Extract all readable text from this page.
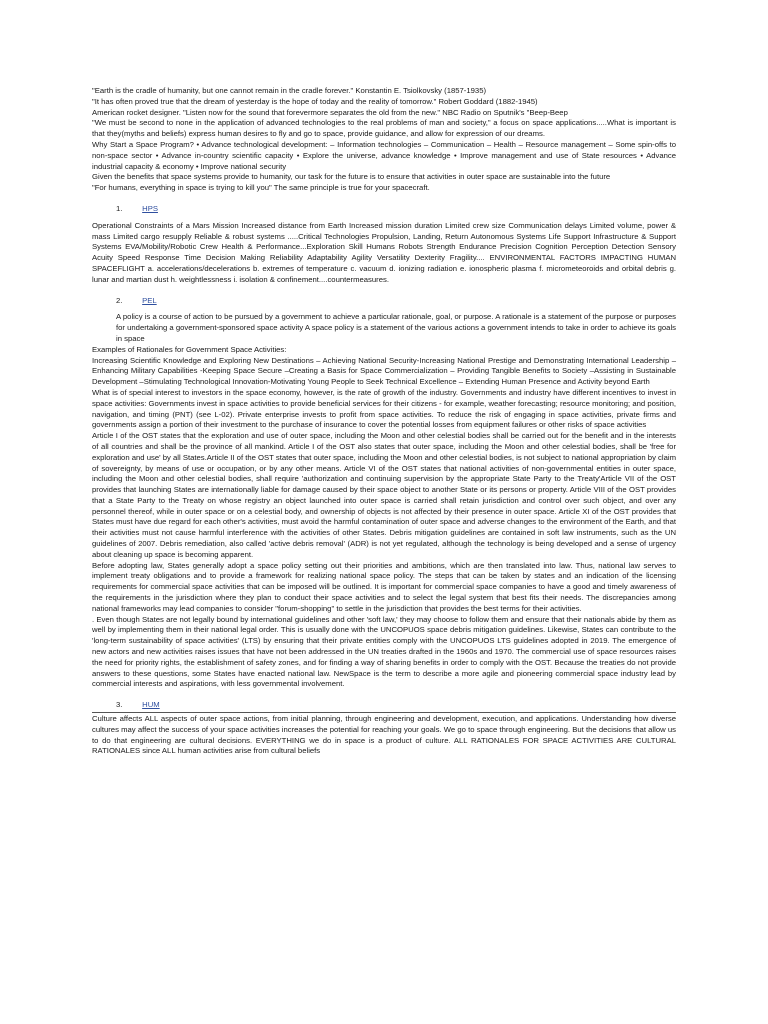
"Earth is the cradle of humanity, but one cannot remain in the cradle forever." Konstantin E. Tsiolkovsky (1857-1935)

"It has often proved true that the dream of yesterday is the hope of today and the reality of tomorrow." Robert Goddard (1882-1945)

American rocket designer. "Listen now for the sound that forevermore separates the old from the new." NBC Radio on Sputnik's "Beep-Beep

"We must be second to none in the application of advanced technologies to the real problems of man and society," a focus on space applications.....What is important is that they(myths and beliefs) express human desires to fly and go to space, provide guidance, and allow for expression of our dreams.

Why Start a Space Program? • Advance technological development: – Information technologies – Communication – Health – Resource management – Some spin-offs to non-space sector • Advance in-country scientific capacity • Explore the universe, advance knowledge • Improve management and use of State resources • Advance industrial capacity & economy • Improve national security

Given the benefits that space systems provide to humanity, our task for the future is to ensure that activities in outer space are sustainable into the future

"For humans, everything in space is trying to kill you" The same principle is true for your spacecraft.

1.	HPS

Operational Constraints of a Mars Mission Increased distance from Earth Increased mission duration Limited crew size Communication delays Limited volume, power & mass Limited cargo resupply Reliable & robust systems .....Critical Technologies Propulsion, Landing, Return Autonomous Systems Life Support Infrastructure & Support Systems EVA/Mobility/Robotic Crew Health & Performance...Exploration Skill Humans Robots Strength Endurance Precision Cognition Perception Detection Sensory Acuity Speed Response Time Decision Making Reliability Adaptability Agility Versatility Dexterity Fragility.... ENVIRONMENTAL FACTORS IMPACTING HUMAN SPACEFLIGHT a. accelerations/decelerations b. extremes of temperature c. vacuum d. ionizing radiation e. ionospheric plasma f. micrometeoroids and orbital debris g. lunar and martian dust h. weightlessness i. isolation & confinement....countermeasures.

2.	PEL

A policy is a course of action to be pursued by a government to achieve a particular rationale, goal, or purpose. A rationale is a statement of the purpose or purposes for undertaking a government-sponsored space activity A space policy is a statement of the various actions a government intends to take in order to achieve its goals in space

Examples of Rationales for Government Space Activities:

Increasing Scientific Knowledge and Exploring New Destinations – Achieving National Security-Increasing National Prestige and Demonstrating International Leadership –Enhancing Military Capabilities -Keeping Space Secure –Creating a Basis for Space Commercialization – Providing Tangible Benefits to Society –Assisting in Sustainable Development –Stimulating Technological Innovation-Motivating Young People to Seek Technical Excellence – Extending Human Presence and Activity beyond Earth

What is of special interest to investors in the space economy, however, is the rate of growth of the industry. Governments and industry have different incentives to invest in space activities: Governments invest in space activities to provide beneficial services for their citizens - for example, weather forecasting; resource monitoring; and position, navigation, and timing (PNT) (see L-02). Private enterprise invests to profit from space activities. To reduce the risk of engaging in space activities, private firms and governments assign a portion of their investment to the purchase of insurance to cover the potential losses from equipment failures or other risks of space activities

Article I of the OST states that the exploration and use of outer space, including the Moon and other celestial bodies shall be carried out for the benefit and in the interests of all countries and shall be the province of all mankind. Article I of the OST also states that outer space, including the Moon and other celestial bodies, shall be 'free for exploration and use' by all States.Article II of the OST states that outer space, including the Moon and other celestial bodies, is not subject to national appropriation by claim of sovereignty, by means of use or occupation, or by any other means. Article VI of the OST states that national activities of non-governmental entities in outer space, including the Moon and other celestial bodies, shall require 'authorization and continuing supervision by the appropriate State Party to the Treaty'Article VII of the OST provides that launching States are internationally liable for damage caused by their space object to another State or its persons or property. Article VIII of the OST provides that a State Party to the Treaty on whose registry an object launched into outer space is carried shall retain jurisdiction and control over such object, and over any personnel thereof, while in outer space or on a celestial body, and ownership of objects is not affected by their presence in outer space. Article XI of the OST provides that States must have due regard for each other's activities, must avoid the harmful contamination of outer space and adverse changes to the environment of the Earth, and that their activities must not cause harmful interference with the activities of other States. Debris mitigation guidelines are contained in soft law instruments, such as the UN guidelines of 2007. Debris remediation, also called 'active debris removal' (ADR) is not yet regulated, although the technology is being developed and a sense of urgency about cleaning up space is becoming apparent.

Before adopting law, States generally adopt a space policy setting out their priorities and ambitions, which are then translated into law. Thus, national law serves to implement treaty obligations and to provide a framework for realizing national space policy. The steps that can be taken by states and an indication of the licensing requirements for commercial space activities that can be imposed will be outlined. It is important for commercial space companies to have a good and timely awareness of the requirements in the jurisdiction where they plan to conduct their space activities and to select the legal system that best fits their needs. The discrepancies among national frameworks may lead companies to consider "forum-shopping" to settle in the jurisdiction that provides the best terms for their activities.

. Even though States are not legally bound by international guidelines and other 'soft law,' they may choose to follow them and ensure that their nationals abide by them as well by implementing them in their national legal order. This is usually done with the UNCOPUOS space debris mitigation guidelines. Likewise, States can contribute to the 'long-term sustainability of space activities' (LTS) by ensuring that their private entities comply with the UNCOPUOS LTS guidelines adopted in 2019. The emergence of new actors and new activities raises issues that have not been addressed in the UN treaties drafted in the 1960s and 1970. The commercial use of space resources raises the need for priority rights, the establishment of safety zones, and for finding a way of sharing benefits in order to comply with the OST. Because the treaties do not provide answers to these questions, some States have enacted national law. NewSpace is the term to describe a more agile and pioneering commercial space industry lead by commercial interests and aspirations, with less governmental involvement.

3.	HUM

Culture affects ALL aspects of outer space actions, from initial planning, through engineering and development, execution, and applications. Understanding how diverse cultures may affect the success of your space activities increases the potential for reaching your goals. We go to space through engineering. But the decisions that allow us to do that engineering are cultural decisions. EVERYTHING we do in space is a product of culture. ALL RATIONALES FOR SPACE ACTIVITIES ARE CULTURAL RATIONALES since ALL human activities arise from cultural beliefs
